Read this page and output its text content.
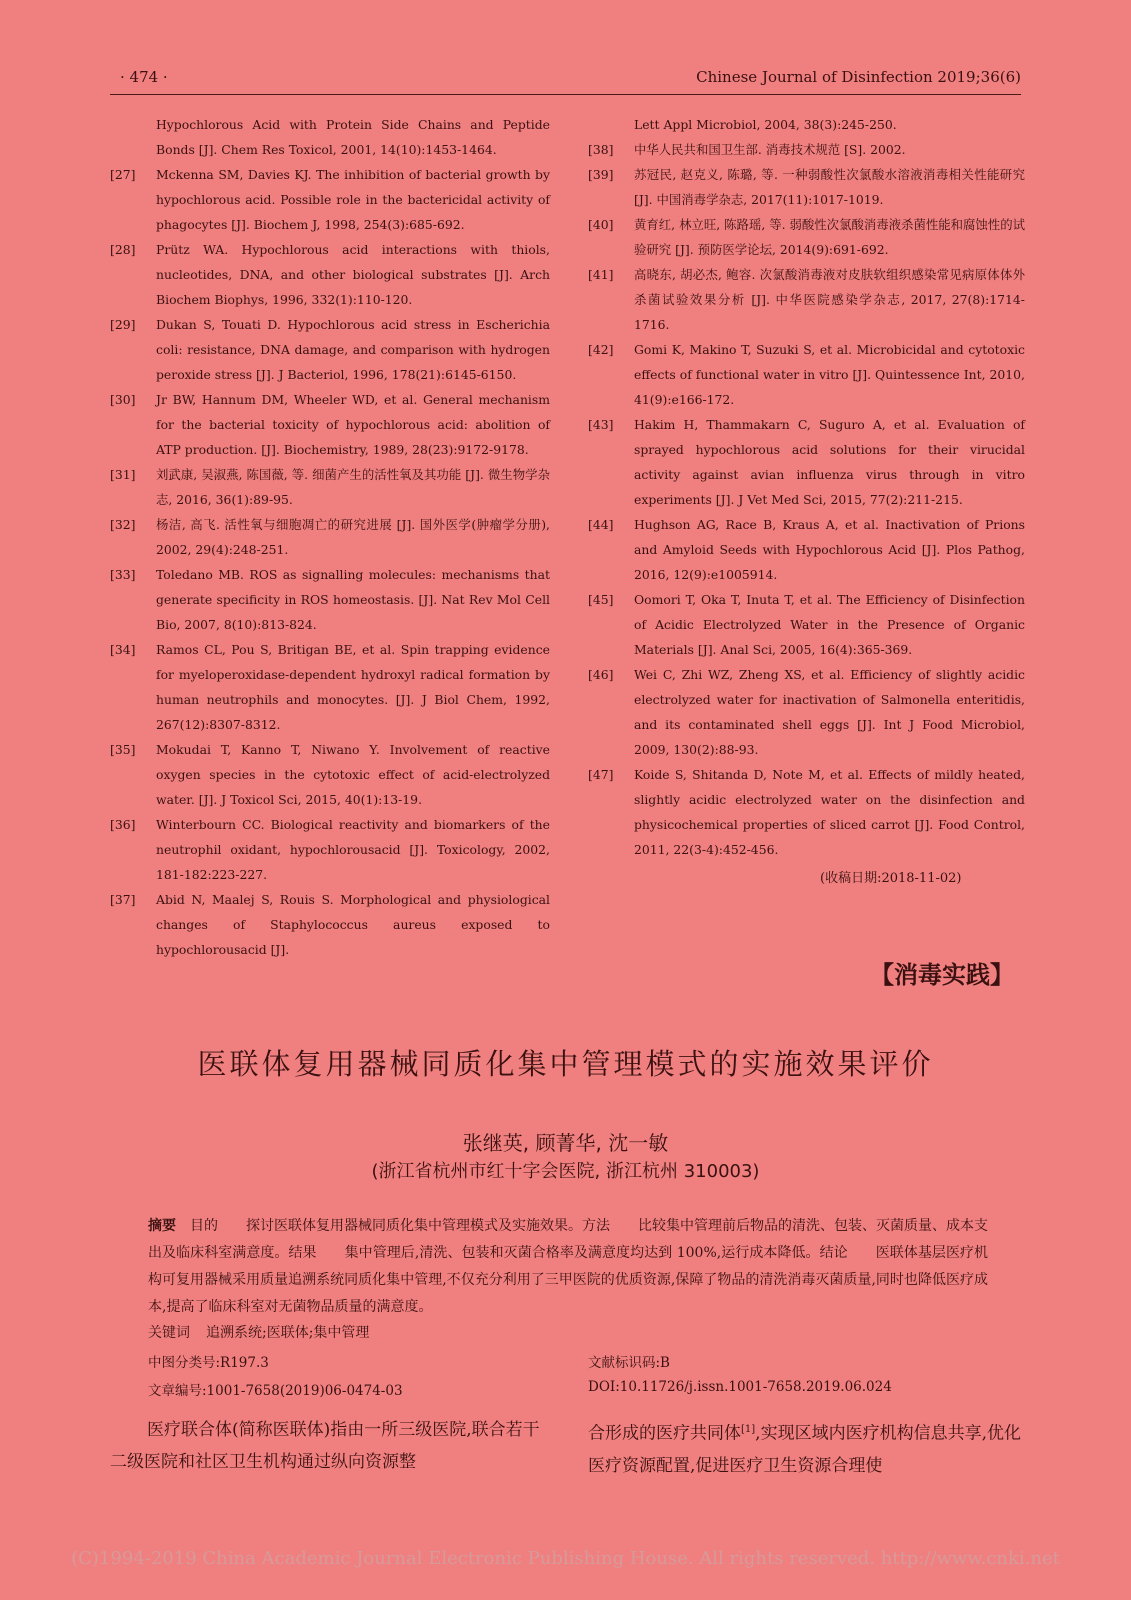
· 474 ·	Chinese Journal of Disinfection 2019;36(6)

Hypochlorous Acid with Protein Side Chains and Peptide Bonds [J]. Chem Res Toxicol, 2001, 14(10):1453-1464.

[27] Mckenna SM, Davies KJ. The inhibition of bacterial growth by hypochlorous acid. Possible role in the bactericidal activity of phagocytes [J]. Biochem J, 1998, 254(3):685-692.

[28] Prütz WA. Hypochlorous acid interactions with thiols, nucleotides, DNA, and other biological substrates [J]. Arch Biochem Biophys, 1996, 332(1):110-120.

[29] Dukan S, Touati D. Hypochlorous acid stress in Escherichia coli: resistance, DNA damage, and comparison with hydrogen peroxide stress [J]. J Bacteriol, 1996, 178(21):6145-6150.

[30] Jr BW, Hannum DM, Wheeler WD, et al. General mechanism for the bacterial toxicity of hypochlorous acid: abolition of ATP production. [J]. Biochemistry, 1989, 28(23):9172-9178.

[31] 刘武康, 吴淑燕, 陈国薇, 等. 细菌产生的活性氧及其功能 [J]. 微生物学杂志, 2016, 36(1):89-95.

[32] 杨洁, 高飞. 活性氧与细胞凋亡的研究进展 [J]. 国外医学(肿瘤学分册), 2002, 29(4):248-251.

[33] Toledano MB. ROS as signalling molecules: mechanisms that generate specificity in ROS homeostasis. [J]. Nat Rev Mol Cell Bio, 2007, 8(10):813-824.

[34] Ramos CL, Pou S, Britigan BE, et al. Spin trapping evidence for myeloperoxidase-dependent hydroxyl radical formation by human neutrophils and monocytes. [J]. J Biol Chem, 1992, 267(12):8307-8312.

[35] Mokudai T, Kanno T, Niwano Y. Involvement of reactive oxygen species in the cytotoxic effect of acid-electrolyzed water. [J]. J Toxicol Sci, 2015, 40(1):13-19.

[36] Winterbourn CC. Biological reactivity and biomarkers of the neutrophil oxidant, hypochlorousacid [J]. Toxicology, 2002, 181-182:223-227.

[37] Abid N, Maalej S, Rouis S. Morphological and physiological changes of Staphylococcus aureus exposed to hypochlorousacid [J].

Lett Appl Microbiol, 2004, 38(3):245-250.

[38] 中华人民共和国卫生部. 消毒技术规范 [S]. 2002.

[39] 苏冠民, 赵克义, 陈璐, 等. 一种弱酸性次氯酸水溶液消毒相关性能研究 [J]. 中国消毒学杂志, 2017(11):1017-1019.

[40] 黄育红, 林立旺, 陈路瑶, 等. 弱酸性次氯酸消毒液杀菌性能和腐蚀性的试验研究 [J]. 预防医学论坛, 2014(9):691-692.

[41] 高晓东, 胡必杰, 鲍容. 次氯酸消毒液对皮肤软组织感染常见病原体体外杀菌试验效果分析 [J]. 中华医院感染学杂志, 2017, 27(8):1714-1716.

[42] Gomi K, Makino T, Suzuki S, et al. Microbicidal and cytotoxic effects of functional water in vitro [J]. Quintessence Int, 2010, 41(9):e166-172.

[43] Hakim H, Thammakarn C, Suguro A, et al. Evaluation of sprayed hypochlorous acid solutions for their virucidal activity against avian influenza virus through in vitro experiments [J]. J Vet Med Sci, 2015, 77(2):211-215.

[44] Hughson AG, Race B, Kraus A, et al. Inactivation of Prions and Amyloid Seeds with Hypochlorous Acid [J]. Plos Pathog, 2016, 12(9):e1005914.

[45] Oomori T, Oka T, Inuta T, et al. The Efficiency of Disinfection of Acidic Electrolyzed Water in the Presence of Organic Materials [J]. Anal Sci, 2005, 16(4):365-369.

[46] Wei C, Zhi WZ, Zheng XS, et al. Efficiency of slightly acidic electrolyzed water for inactivation of Salmonella enteritidis, and its contaminated shell eggs [J]. Int J Food Microbiol, 2009, 130(2):88-93.

[47] Koide S, Shitanda D, Note M, et al. Effects of mildly heated, slightly acidic electrolyzed water on the disinfection and physicochemical properties of sliced carrot [J]. Food Control, 2011, 22(3-4):452-456.

(收稿日期:2018-11-02)
【消毒实践】
医联体复用器械同质化集中管理模式的实施效果评价
张继英, 顾菁华, 沈一敏
(浙江省杭州市红十字会医院, 浙江杭州 310003)
摘要 目的 探讨医联体复用器械同质化集中管理模式及实施效果。方法 比较集中管理前后物品的清洗、包装、灭菌质量、成本支出及临床科室满意度。结果 集中管理后,清洗、包装和灭菌合格率及满意度均达到 100%,运行成本降低。结论 医联体基层医疗机构可复用器械采用质量追溯系统同质化集中管理,不仅充分利用了三甲医院的优质资源,保障了物品的清洗消毒灭菌质量,同时也降低医疗成本,提高了临床科室对无菌物品质量的满意度。
关键词 追溯系统;医联体;集中管理
中图分类号:R197.3	文献标识码:B
文章编号:1001-7658(2019)06-0474-03	DOI:10.11726/j.issn.1001-7658.2019.06.024
医疗联合体(简称医联体)指由一所三级医院,联合若干二级医院和社区卫生机构通过纵向资源整
合形成的医疗共同体[1],实现区域内医疗机构信息共享,优化医疗资源配置,促进医疗卫生资源合理使
(C)1994-2019 China Academic Journal Electronic Publishing House. All rights reserved. http://www.cnki.net
